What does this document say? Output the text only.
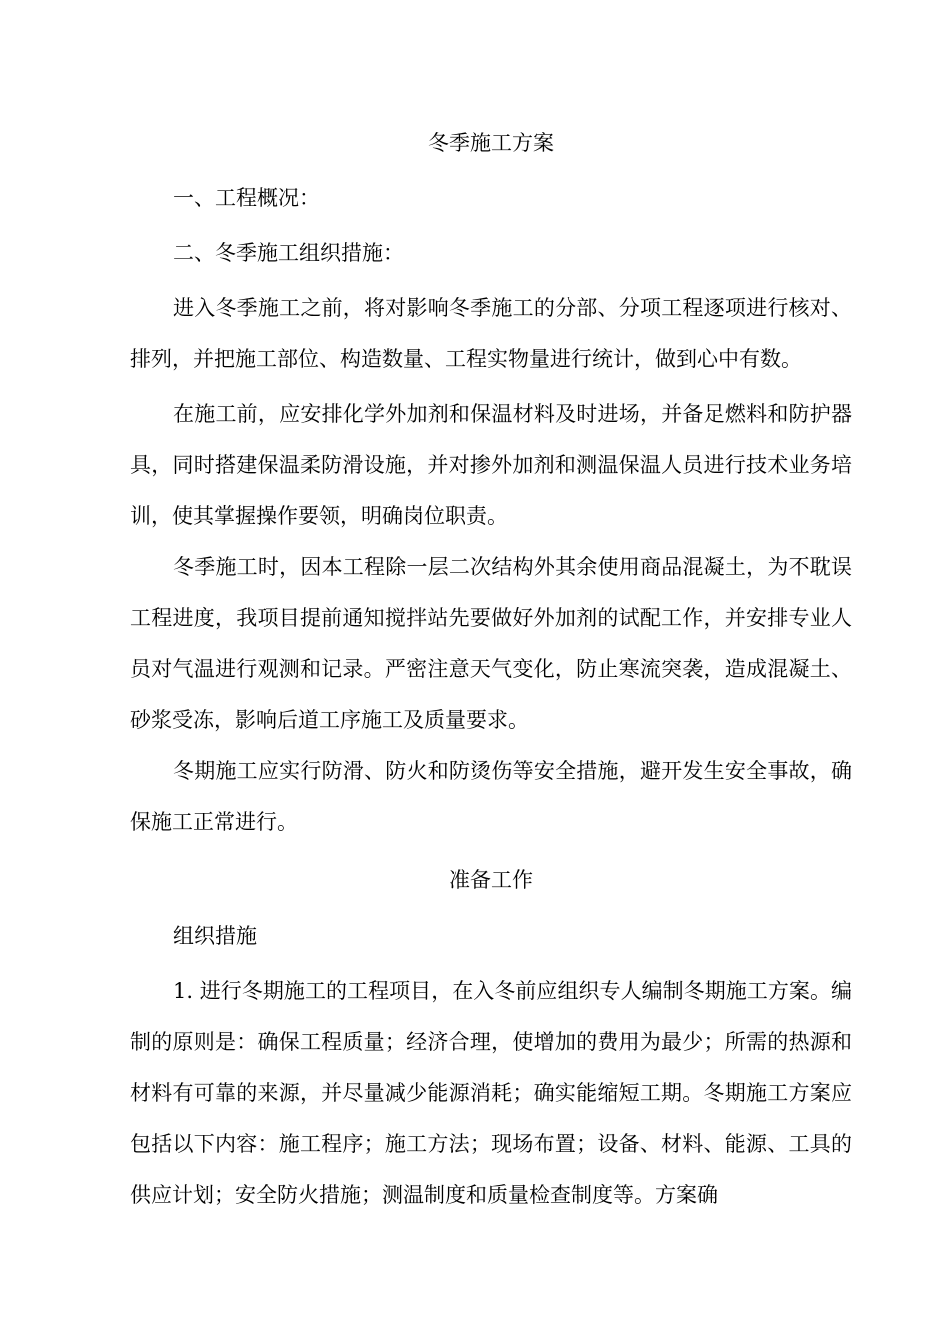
冬季施工方案

一、工程概况：

二、冬季施工组织措施：

进入冬季施工之前，将对影响冬季施工的分部、分项工程逐项进行核对、排列，并把施工部位、构造数量、工程实物量进行统计，做到心中有数。

在施工前，应安排化学外加剂和保温材料及时进场，并备足燃料和防护器具，同时搭建保温柔防滑设施，并对掺外加剂和测温保温人员进行技术业务培训，使其掌握操作要领，明确岗位职责。

冬季施工时，因本工程除一层二次结构外其余使用商品混凝土，为不耽误工程进度，我项目提前通知搅拌站先要做好外加剂的试配工作，并安排专业人员对气温进行观测和记录。严密注意天气变化，防止寒流突袭，造成混凝土、砂浆受冻，影响后道工序施工及质量要求。

冬期施工应实行防滑、防火和防烫伤等安全措施，避开发生安全事故，确保施工正常进行。

准备工作

组织措施

1. 进行冬期施工的工程项目，在入冬前应组织专人编制冬期施工方案。编制的原则是：确保工程质量；经济合理，使增加的费用为最少；所需的热源和材料有可靠的来源，并尽量减少能源消耗；确实能缩短工期。冬期施工方案应包括以下内容：施工程序；施工方法；现场布置；设备、材料、能源、工具的供应计划；安全防火措施；测温制度和质量检查制度等。方案确
